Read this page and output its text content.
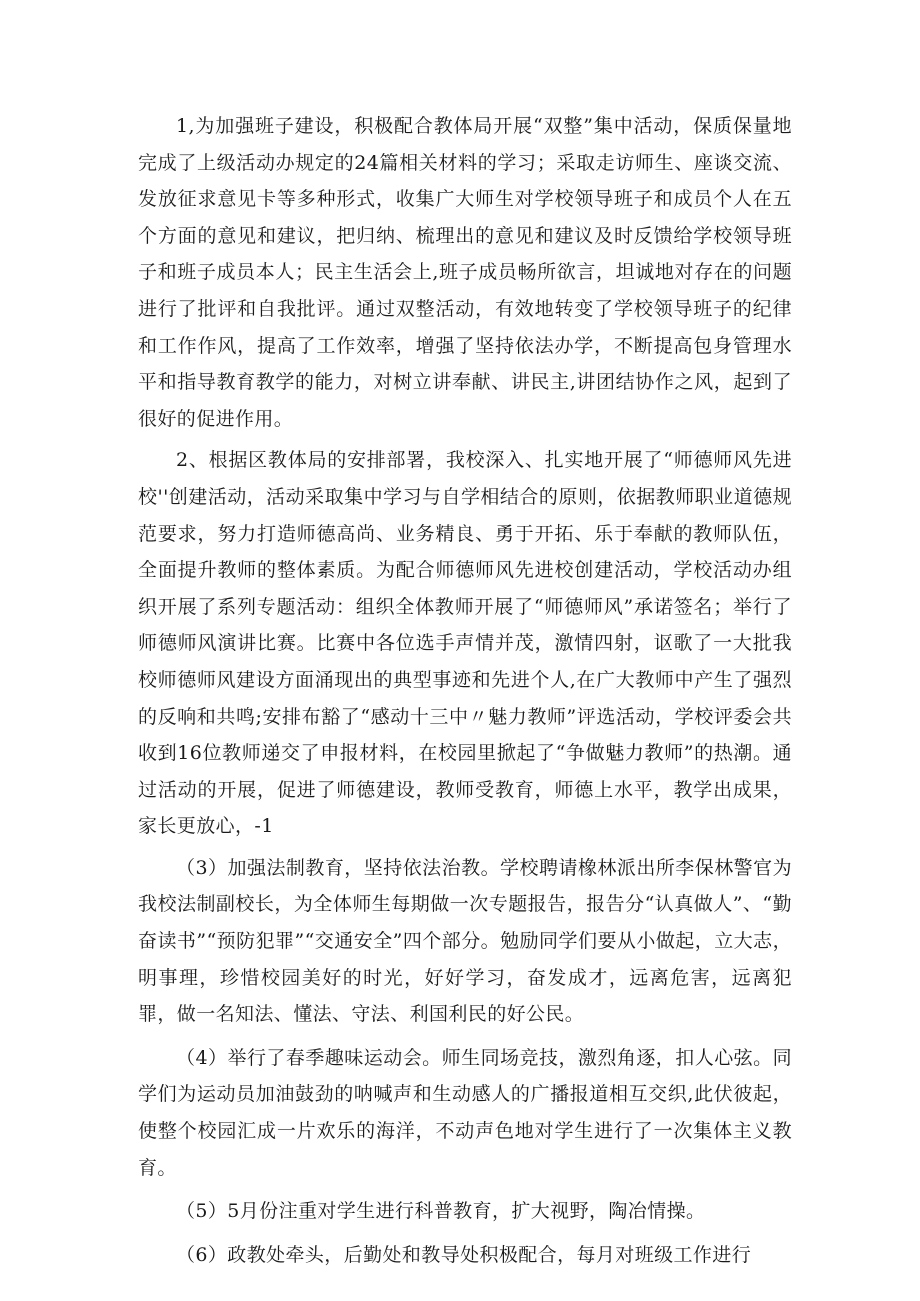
1,为加强班子建设，积极配合教体局开展“双整”集中活动，保质保量地完成了上级活动办规定的24篇相关材料的学习；采取走访师生、座谈交流、发放征求意见卡等多种形式，收集广大师生对学校领导班子和成员个人在五个方面的意见和建议，把归纳、梳理出的意见和建议及时反馈给学校领导班子和班子成员本人；民主生活会上,班子成员畅所欲言，坦诚地对存在的问题进行了批评和自我批评。通过双整活动，有效地转变了学校领导班子的纪律和工作作风，提高了工作效率，增强了坚持依法办学，不断提高包身管理水平和指导教育教学的能力，对树立讲奉献、讲民主,讲团结协作之风，起到了很好的促进作用。

2、根据区教体局的安排部署，我校深入、扎实地开展了“师德师风先进校''创建活动，活动采取集中学习与自学相结合的原则，依据教师职业道德规范要求，努力打造师德高尚、业务精良、勇于开拓、乐于奉献的教师队伍，全面提升教师的整体素质。为配合师德师风先进校创建活动，学校活动办组织开展了系列专题活动：组织全体教师开展了“师德师风”承诺签名；举行了师德师风演讲比赛。比赛中各位选手声情并茂，激情四射，讴歌了一大批我校师德师风建设方面涌现出的典型事迹和先进个人,在广大教师中产生了强烈的反响和共鸣;安排布豁了“感动十三中〃魅力教师”评选活动，学校评委会共收到16位教师递交了申报材料，在校园里掀起了“争做魅力教师”的热潮。通过活动的开展，促进了师德建设，教师受教育，师德上水平，教学出成果，家长更放心，-1

（3）加强法制教育，坚持依法治教。学校聘请橡林派出所李保林警官为我校法制副校长，为全体师生每期做一次专题报告，报告分“认真做人”、“勤奋读书”“预防犯罪”“交通安全”四个部分。勉励同学们要从小做起，立大志，明事理，珍惜校园美好的时光，好好学习，奋发成才，远离危害，远离犯罪，做一名知法、懂法、守法、利国利民的好公民。

（4）举行了春季趣味运动会。师生同场竞技，激烈角逐，扣人心弦。同学们为运动员加油鼓劲的呐喊声和生动感人的广播报道相互交织,此伏彼起，使整个校园汇成一片欢乐的海洋，不动声色地对学生进行了一次集体主义教育。

（5）5月份注重对学生进行科普教育，扩大视野，陶冶情操。

（6）政教处牵头，后勤处和教导处积极配合，每月对班级工作进行
